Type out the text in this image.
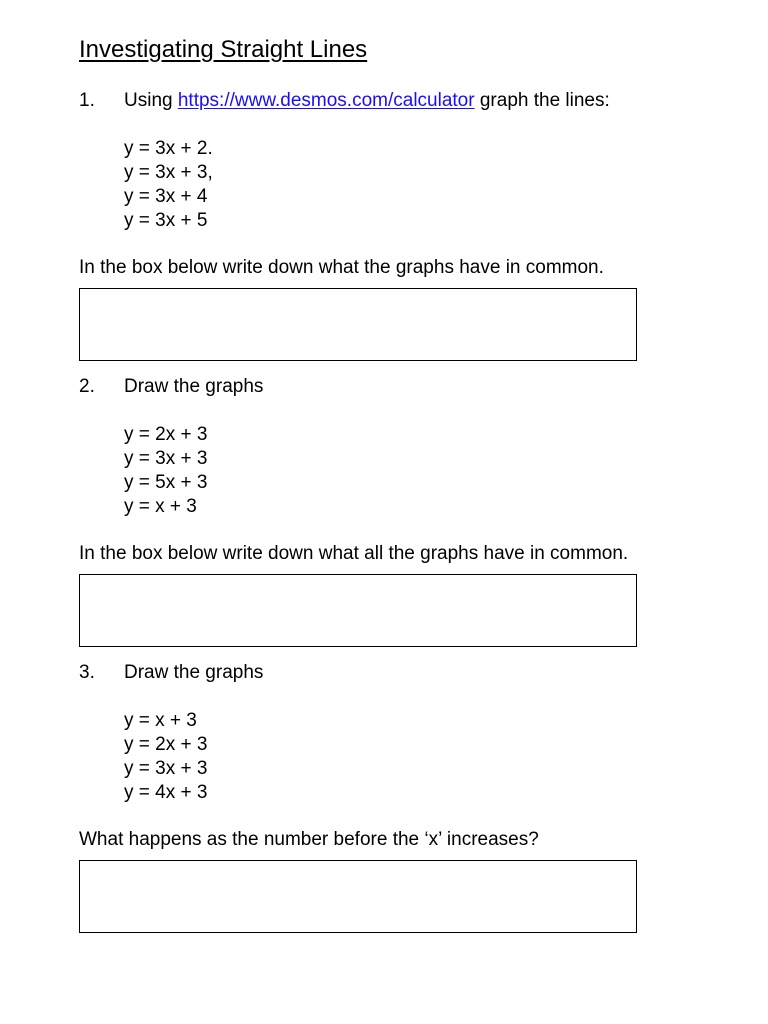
Investigating Straight Lines
1. Using https://www.desmos.com/calculator graph the lines:
y = 3x + 2.
y = 3x + 3,
y = 3x + 4
y = 3x + 5
In the box below write down what the graphs have in common.
2. Draw the graphs
y = 2x + 3
y = 3x + 3
y = 5x + 3
y = x + 3
In the box below write down what all the graphs have in common.
3. Draw the graphs
y = x + 3
y = 2x + 3
y = 3x + 3
y = 4x + 3
What happens as the number before the ‘x’ increases?
